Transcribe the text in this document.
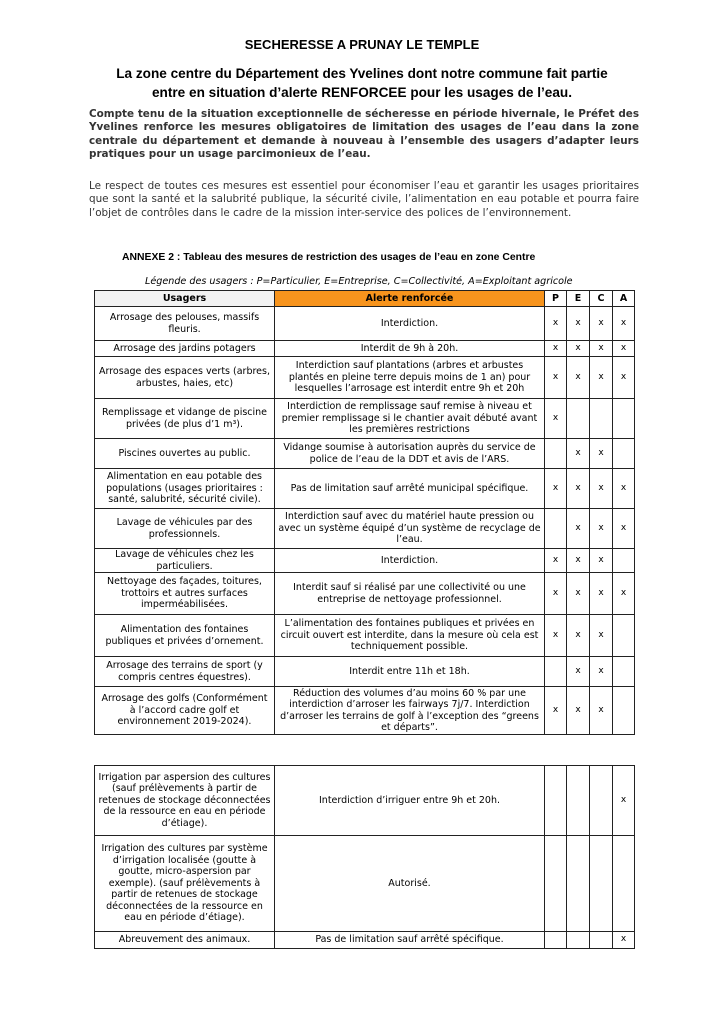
SECHERESSE A PRUNAY LE TEMPLE
La zone centre du Département des Yvelines dont notre commune fait partie
entre en situation d’alerte RENFORCEE pour les usages de l’eau.
Compte tenu de la situation exceptionnelle de sécheresse en période hivernale, le Préfet des Yvelines renforce les mesures obligatoires de limitation des usages de l’eau dans la zone centrale du département et demande à nouveau à l’ensemble des usagers d’adapter leurs pratiques pour un usage parcimonieux de l’eau.
Le respect de toutes ces mesures est essentiel pour économiser l’eau et garantir les usages prioritaires que sont la santé et la salubrité publique, la sécurité civile, l’alimentation en eau potable et pourra faire l’objet de contrôles dans le cadre de la mission inter-service des polices de l’environnement.
ANNEXE 2 : Tableau des mesures de restriction des usages de l’eau en zone Centre
Légende des usagers : P=Particulier, E=Entreprise, C=Collectivité, A=Exploitant agricole
Usagers	Alerte renforcée	P	E	C	A
Arrosage des pelouses, massifs fleuris.	Interdiction.	x	x	x	x
Arrosage des jardins potagers	Interdit de 9h à 20h.	x	x	x	x
Arrosage des espaces verts (arbres, arbustes, haies, etc)	Interdiction sauf plantations (arbres et arbustes plantés en pleine terre depuis moins de 1 an) pour lesquelles l’arrosage est interdit entre 9h et 20h	x	x	x	x
Remplissage et vidange de piscine privées (de plus d’1 m³).	Interdiction de remplissage sauf remise à niveau et premier remplissage si le chantier avait débuté avant les premières restrictions	x			
Piscines ouvertes au public.	Vidange soumise à autorisation auprès du service de police de l’eau de la DDT et avis de l’ARS.		x	x	
Alimentation en eau potable des populations (usages prioritaires : santé, salubrité, sécurité civile).	Pas de limitation sauf arrêté municipal spécifique.	x	x	x	x
Lavage de véhicules par des professionnels.	Interdiction sauf avec du matériel haute pression ou avec un système équipé d’un système de recyclage de l’eau.		x	x	x
Lavage de véhicules chez les particuliers.	Interdiction.	x	x	x	
Nettoyage des façades, toitures, trottoirs et autres surfaces imperméabilisées.	Interdit sauf si réalisé par une collectivité ou une entreprise de nettoyage professionnel.	x	x	x	x
Alimentation des fontaines publiques et privées d’ornement.	L’alimentation des fontaines publiques et privées en circuit ouvert est interdite, dans la mesure où cela est techniquement possible.	x	x	x	
Arrosage des terrains de sport (y compris centres équestres).	Interdit entre 11h et 18h.		x	x	
Arrosage des golfs (Conformément à l’accord cadre golf et environnement 2019-2024).	Réduction des volumes d’au moins 60 % par une interdiction d’arroser les fairways 7j/7. Interdiction d’arroser les terrains de golf à l’exception des “greens et départs”.	x	x	x	
Irrigation par aspersion des cultures (sauf prélèvements à partir de retenues de stockage déconnectées de la ressource en eau en période d’étiage).	Interdiction d’irriguer entre 9h et 20h.				x
Irrigation des cultures par système d’irrigation localisée (goutte à goutte, micro-aspersion par exemple). (sauf prélèvements à partir de retenues de stockage déconnectées de la ressource en eau en période d’étiage).	Autorisé.				
Abreuvement des animaux.	Pas de limitation sauf arrêté spécifique.				x
